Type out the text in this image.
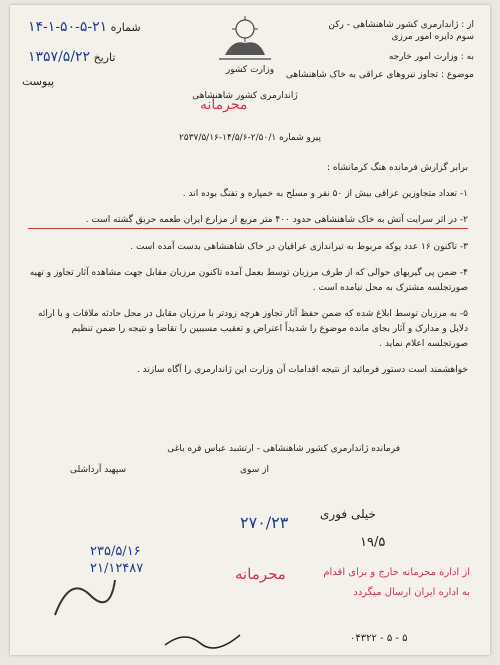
شماره ۲۱-۵-۵۰-۱-۱۴
تاریخ ۱۳۵۷/۵/۲۲
پیوست
وزارت کشور
ژاندارمری کشور شاهنشاهی
از : ژاندارمری کشور شاهنشاهی - رکن سوم دایره امور مرزی
به : وزارت امور خارجه
موضوع : تجاوز نیروهای عراقی به خاک شاهنشاهی
محرمانه
پیرو شماره ۲/۵۰/۱-۱۴/۵/۶-۲۵۳۷/۵/۱۶

برابر گزارش فرمانده هنگ کرمانشاه :

۱- تعداد متجاوزین عراقی بیش از ۵۰ نفر و مسلح به خمپاره و تفنگ بوده اند .

۲- در اثر سرایت آتش به خاک شاهنشاهی حدود ۴۰۰ متر مربع از مزارع ایران طعمه حریق گشته است .

۳- تاکنون ۱۶ عدد پوکه مربوط به تیراندازی عراقیان در خاک شاهنشاهی بدست آمده است .

۴- ضمن پی گیریهای حوالی که از طرف مرزبان توسط بعمل آمده تاکنون مرزبان مقابل جهت مشاهده آثار تجاوز و تهیه صورتجلسه مشترک به محل نیامده است .

۵- به مرزبان توسط ابلاغ شده که ضمن حفظ آثار تجاوز هرچه زودتر با مرزبان مقابل در محل حادثه ملاقات و با ارائه دلایل و مدارک و آثار بجای مانده موضوع را شدیداً اعتراض و تعقیب مسببین را تقاضا و نتیجه را ضمن تنظیم صورتجلسه اعلام نماید .

خواهشمند است دستور فرمائید از نتیجه اقدامات آن وزارت این ژاندارمری را آگاه سازند .

فرمانده ژاندارمری کشور شاهنشاهی - ارتشبد عباس قره باغی
از سوی
سپهبد آرداشلی
۲۳۵/۵/۱۶
۲۱/۱۲۴۸۷
۲۷۰/۲۳	خیلی فوری
۱۹/۵
محرمانه	از اداره محرمانه خارج و برای اقدام
به اداره ایران ارسال میگردد
۰۴۳۲۲ - ۵ - ۵
